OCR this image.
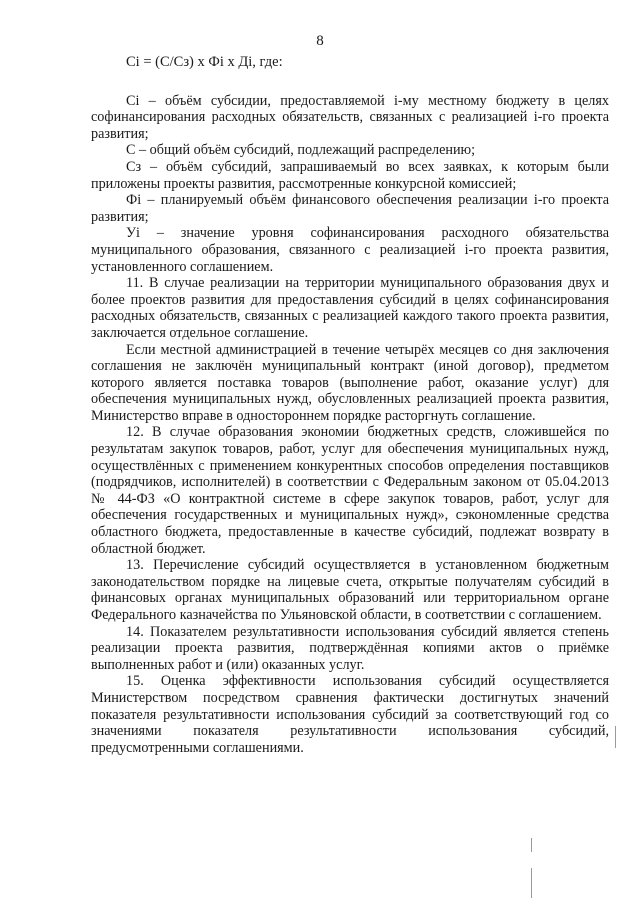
8
Ci = (C/Cз) х Фi х Дi, где:

Ci – объём субсидии, предоставляемой i-му местному бюджету в целях софинансирования расходных обязательств, связанных с реализацией i-го проекта развития;

C – общий объём субсидий, подлежащий распределению;

Cз – объём субсидий, запрашиваемый во всех заявках, к которым были приложены проекты развития, рассмотренные конкурсной комиссией;

Фi – планируемый объём финансового обеспечения реализации i-го проекта развития;

Уi – значение уровня софинансирования расходного обязательства муниципального образования, связанного с реализацией i-го проекта развития, установленного соглашением.

11. В случае реализации на территории муниципального образования двух и более проектов развития для предоставления субсидий в целях софинансирования расходных обязательств, связанных с реализацией каждого такого проекта развития, заключается отдельное соглашение.

Если местной администрацией в течение четырёх месяцев со дня заключения соглашения не заключён муниципальный контракт (иной договор), предметом которого является поставка товаров (выполнение работ, оказание услуг) для обеспечения муниципальных нужд, обусловленных реализацией проекта развития, Министерство вправе в одностороннем порядке расторгнуть соглашение.

12. В случае образования экономии бюджетных средств, сложившейся по результатам закупок товаров, работ, услуг для обеспечения муниципальных нужд, осуществлённых с применением конкурентных способов определения поставщиков (подрядчиков, исполнителей) в соответствии с Федеральным законом от 05.04.2013 № 44-ФЗ «О контрактной системе в сфере закупок товаров, работ, услуг для обеспечения государственных и муниципальных нужд», сэкономленные средства областного бюджета, предоставленные в качестве субсидий, подлежат возврату в областной бюджет.

13. Перечисление субсидий осуществляется в установленном бюджетным законодательством порядке на лицевые счета, открытые получателям субсидий в финансовых органах муниципальных образований или территориальном органе Федерального казначейства по Ульяновской области, в соответствии с соглашением.

14. Показателем результативности использования субсидий является степень реализации проекта развития, подтверждённая копиями актов о приёмке выполненных работ и (или) оказанных услуг.

15. Оценка эффективности использования субсидий осуществляется Министерством посредством сравнения фактически достигнутых значений показателя результативности использования субсидий за соответствующий год со значениями показателя результативности использования субсидий, предусмотренными соглашениями.
